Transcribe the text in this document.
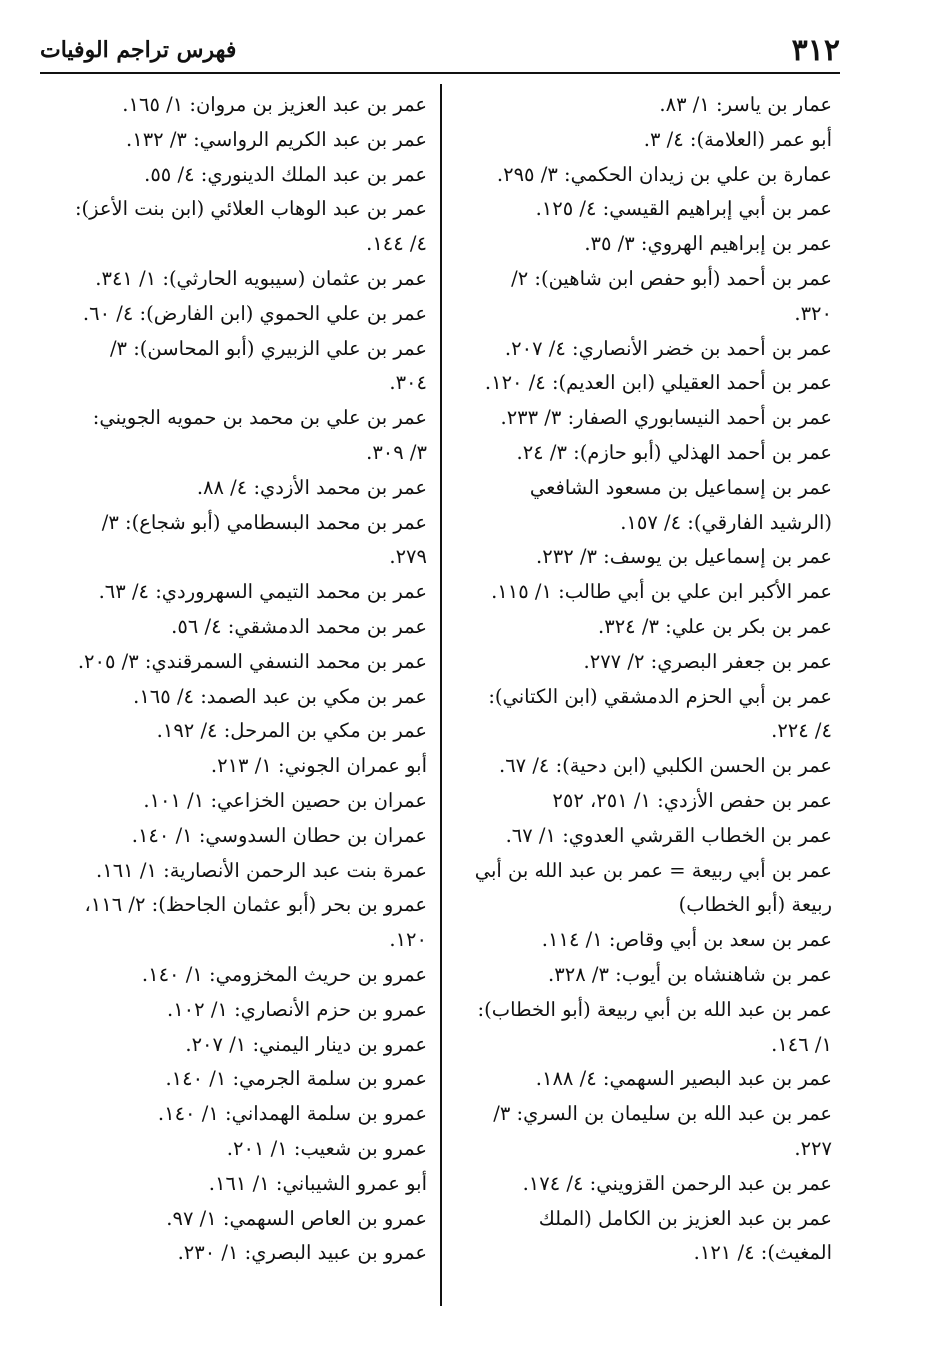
٣١٢
فهرس تراجم الوفيات

عمار بن ياسر: ١/ ٨٣.

أبو عمر (العلامة): ٤/ ٣.

عمارة بن علي بن زيدان الحكمي: ٣/ ٢٩٥.

عمر بن أبي إبراهيم القيسي: ٤/ ١٢٥.

عمر بن إبراهيم الهروي: ٣/ ٣٥.

عمر بن أحمد (أبو حفص ابن شاهين): ٢/ ٣٢٠.

عمر بن أحمد بن خضر الأنصاري: ٤/ ٢٠٧.

عمر بن أحمد العقيلي (ابن العديم): ٤/ ١٢٠.

عمر بن أحمد النيسابوري الصفار: ٣/ ٢٣٣.

عمر بن أحمد الهذلي (أبو حازم): ٣/ ٢٤.

عمر بن إسماعيل بن مسعود الشافعي (الرشيد الفارقي): ٤/ ١٥٧.

عمر بن إسماعيل بن يوسف: ٣/ ٢٣٢.

عمر الأكبر ابن علي بن أبي طالب: ١/ ١١٥.

عمر بن بكر بن علي: ٣/ ٣٢٤.

عمر بن جعفر البصري: ٢/ ٢٧٧.

عمر بن أبي الحزم الدمشقي (ابن الكتاني): ٤/ ٢٢٤.

عمر بن الحسن الكلبي (ابن دحية): ٤/ ٦٧.

عمر بن حفص الأزدي: ١/ ٢٥١، ٢٥٢

عمر بن الخطاب القرشي العدوي: ١/ ٦٧.

عمر بن أبي ربيعة = عمر بن عبد الله بن أبي ربيعة (أبو الخطاب)

عمر بن سعد بن أبي وقاص: ١/ ١١٤.

عمر بن شاهنشاه بن أيوب: ٣/ ٣٢٨.

عمر بن عبد الله بن أبي ربيعة (أبو الخطاب): ١/ ١٤٦.

عمر بن عبد البصير السهمي: ٤/ ١٨٨.

عمر بن عبد الله بن سليمان بن السري: ٣/ ٢٢٧.

عمر بن عبد الرحمن القزويني: ٤/ ١٧٤.

عمر بن عبد العزيز بن الكامل (الملك المغيث): ٤/ ١٢١.

عمر بن عبد العزيز بن مروان: ١/ ١٦٥.

عمر بن عبد الكريم الرواسي: ٣/ ١٣٢.

عمر بن عبد الملك الدينوري: ٤/ ٥٥.

عمر بن عبد الوهاب العلائي (ابن بنت الأعز): ٤/ ١٤٤.

عمر بن عثمان (سيبويه الحارثي): ١/ ٣٤١.

عمر بن علي الحموي (ابن الفارض): ٤/ ٦٠.

عمر بن علي الزبيري (أبو المحاسن): ٣/ ٣٠٤.

عمر بن علي بن محمد بن حمويه الجويني: ٣/ ٣٠٩.

عمر بن محمد الأزدي: ٤/ ٨٨.

عمر بن محمد البسطامي (أبو شجاع): ٣/ ٢٧٩.

عمر بن محمد التيمي السهروردي: ٤/ ٦٣.

عمر بن محمد الدمشقي: ٤/ ٥٦.

عمر بن محمد النسفي السمرقندي: ٣/ ٢٠٥.

عمر بن مكي بن عبد الصمد: ٤/ ١٦٥.

عمر بن مكي بن المرحل: ٤/ ١٩٢.

أبو عمران الجوني: ١/ ٢١٣.

عمران بن حصين الخزاعي: ١/ ١٠١.

عمران بن حطان السدوسي: ١/ ١٤٠.

عمرة بنت عبد الرحمن الأنصارية: ١/ ١٦١.

عمرو بن بحر (أبو عثمان الجاحظ): ٢/ ١١٦، ١٢٠.

عمرو بن حريث المخزومي: ١/ ١٤٠.

عمرو بن حزم الأنصاري: ١/ ١٠٢.

عمرو بن دينار اليمني: ١/ ٢٠٧.

عمرو بن سلمة الجرمي: ١/ ١٤٠.

عمرو بن سلمة الهمداني: ١/ ١٤٠.

عمرو بن شعيب: ١/ ٢٠١.

أبو عمرو الشيباني: ١/ ١٦١.

عمرو بن العاص السهمي: ١/ ٩٧.

عمرو بن عبيد البصري: ١/ ٢٣٠.
